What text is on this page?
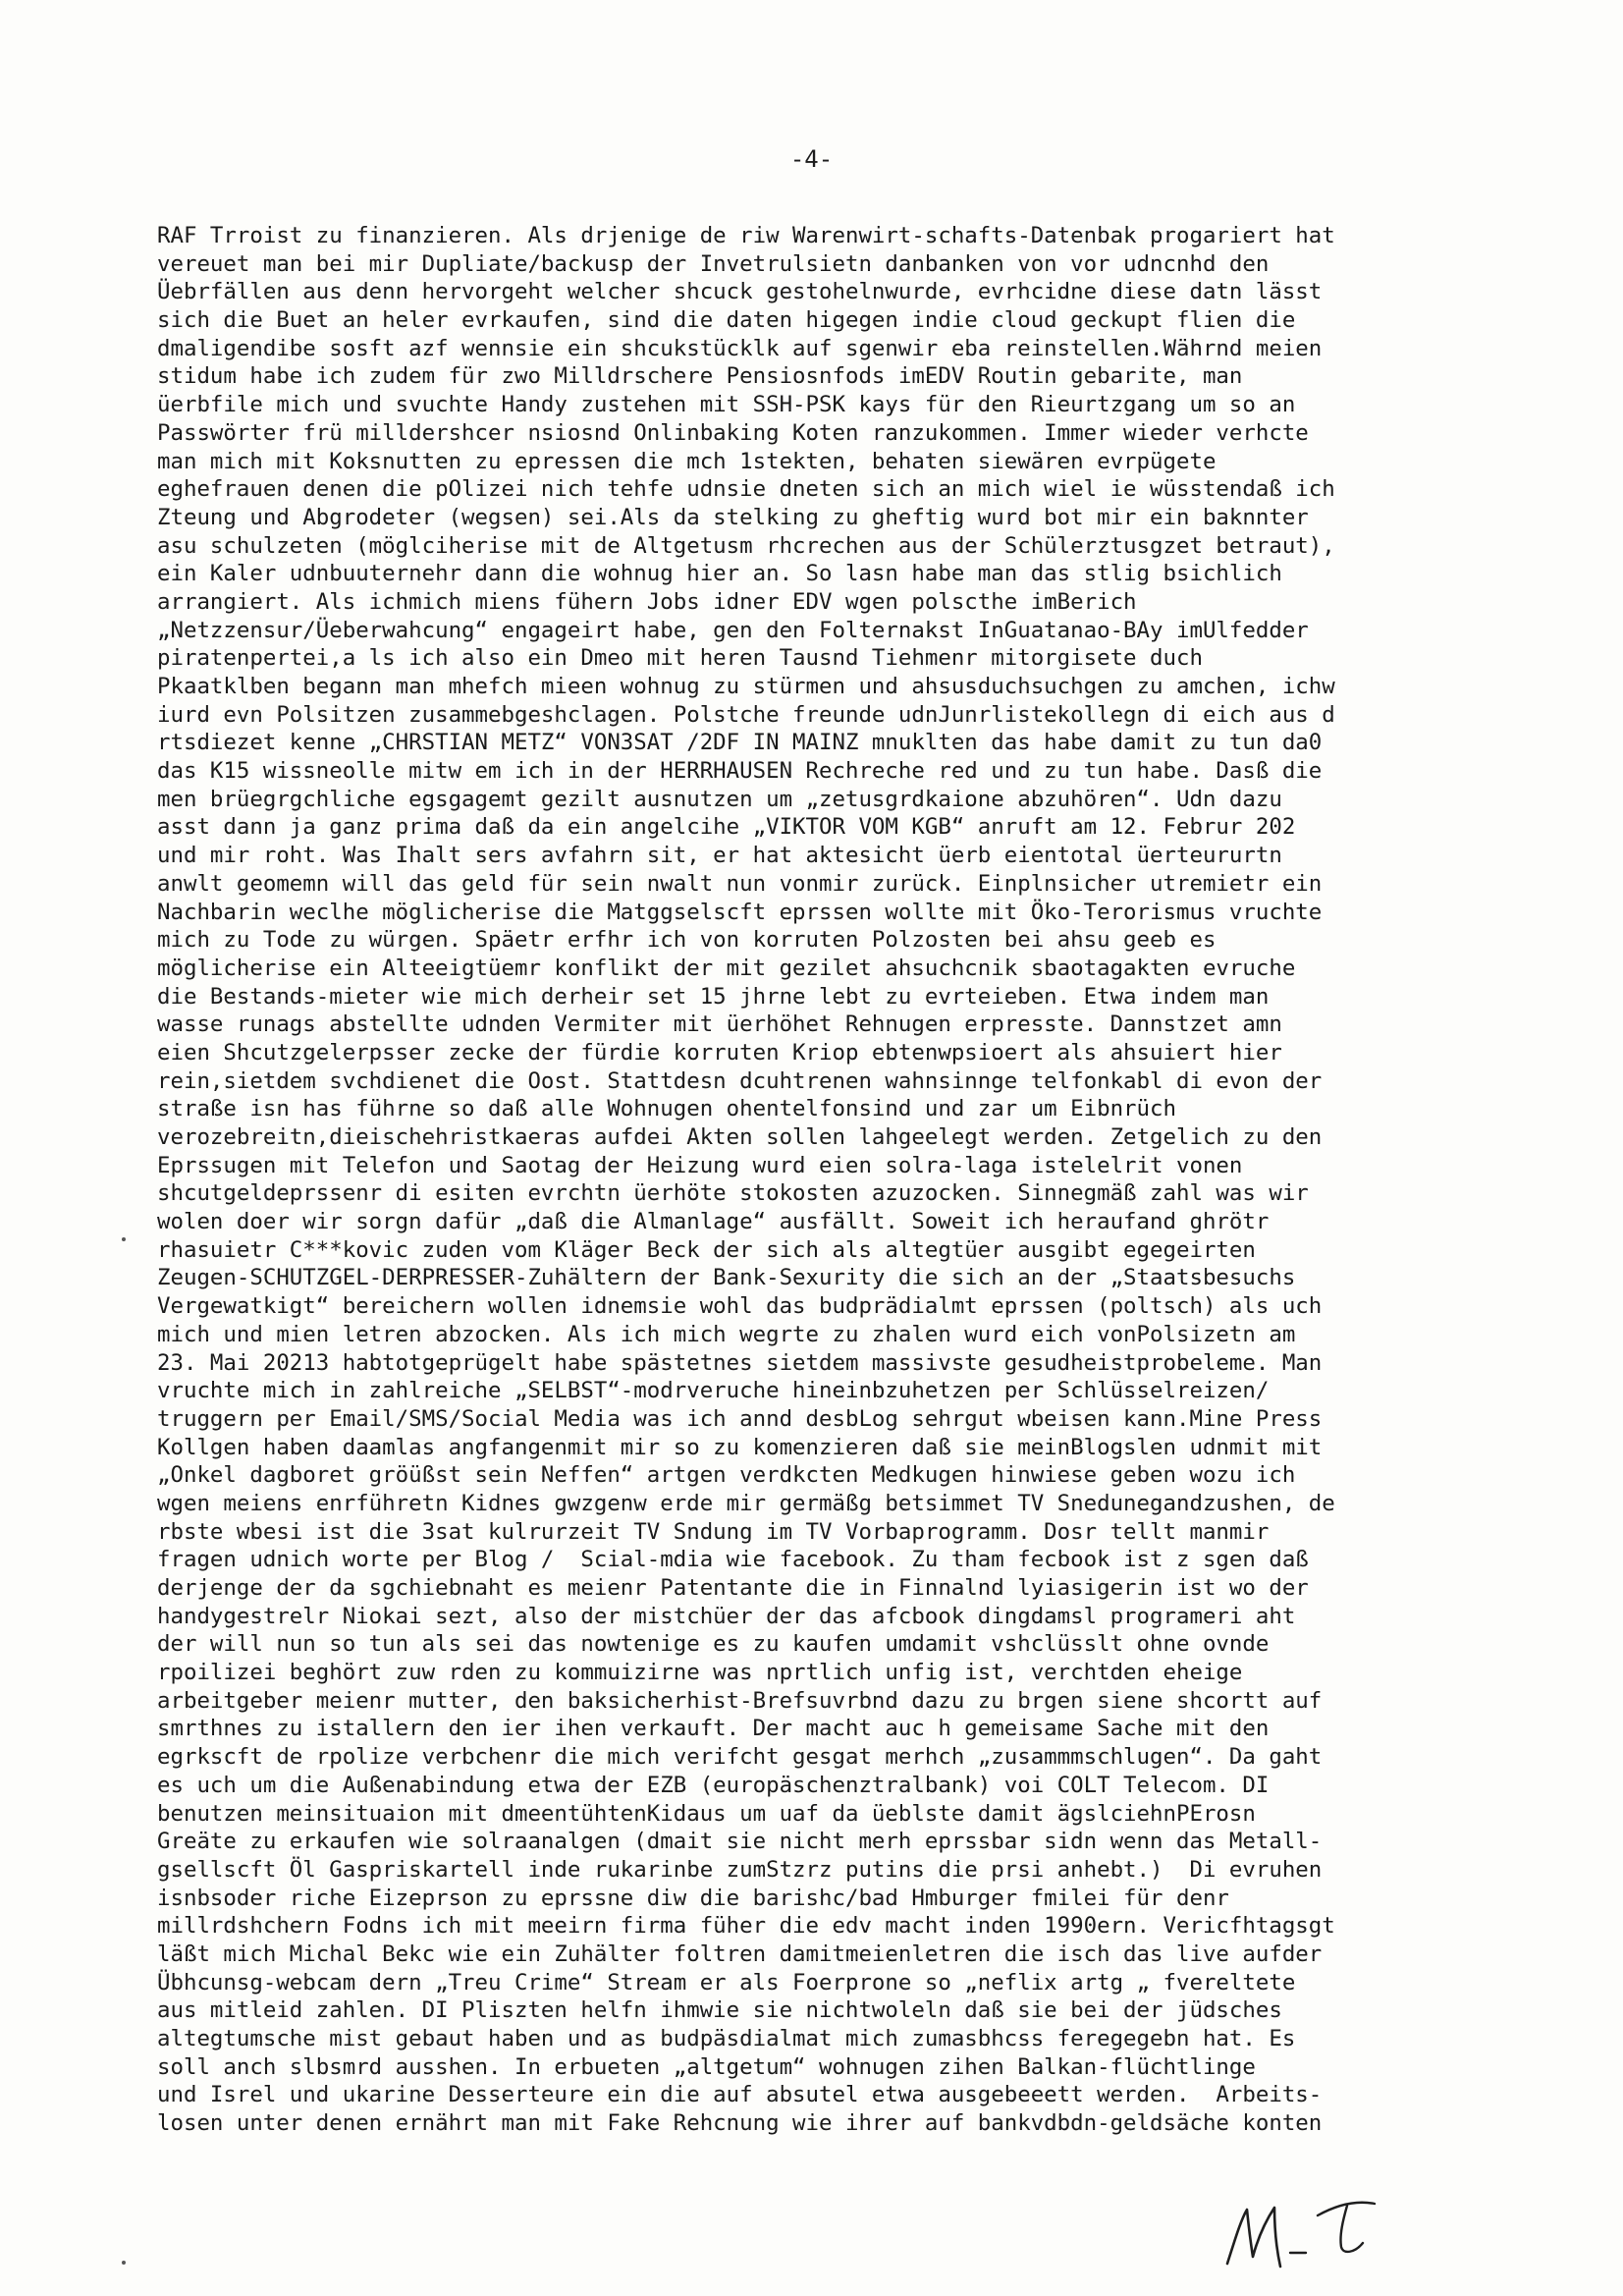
-4-
RAF Trroist zu finanzieren. Als drjenige de riw Warenwirt-schafts-Datenbak progariert hat
vereuet man bei mir Dupliate/backusp der Invetrulsietn danbanken von vor udncnhd den
Üebrfällen aus denn hervorgeht welcher shcuck gestohelnwurde, evrhcidne diese datn lässt
sich die Buet an heler evrkaufen, sind die daten higegen indie cloud geckupt flien die
dmaligendibe sosft azf wennsie ein shcukstücklk auf sgenwir eba reinstellen.Währnd meien
stidum habe ich zudem für zwo Milldrschere Pensiosnfods imEDV Routin gebarite, man
üerbfile mich und svuchte Handy zustehen mit SSH-PSK kays für den Rieurtzgang um so an
Passwörter frü milldershcer nsiosnd Onlinbaking Koten ranzukommen. Immer wieder verhcte
man mich mit Koksnutten zu epressen die mch 1stekten, behaten siewären evrpügete
eghefrauen denen die pOlizei nich tehfe udnsie dneten sich an mich wiel ie wüsstendaß ich
Zteung und Abgrodeter (wegsen) sei.Als da stelking zu gheftig wurd bot mir ein baknnter
asu schulzeten (möglciherise mit de Altgetusm rhcrechen aus der Schülerztusgzet betraut),
ein Kaler udnbuuternehr dann die wohnug hier an. So lasn habe man das stlig bsichlich
arrangiert. Als ichmich miens fühern Jobs idner EDV wgen polscthe imBerich
„Netzzensur/Üeberwahcung“ engageirt habe, gen den Folternakst InGuatanao-BAy imUlfedder
piratenpertei,a ls ich also ein Dmeo mit heren Tausnd Tiehmenr mitorgisete duch
Pkaatklben begann man mhefch mieen wohnug zu stürmen und ahsusduchsuchgen zu amchen, ichw
iurd evn Polsitzen zusammebgeshclagen. Polstche freunde udnJunrlistekollegn di eich aus d
rtsdiezet kenne „CHRSTIAN METZ“ VON3SAT /2DF IN MAINZ mnuklten das habe damit zu tun da0
das K15 wissneolle mitw em ich in der HERRHAUSEN Rechreche red und zu tun habe. Dasß die
men brüegrgchliche egsgagemt gezilt ausnutzen um „zetusgrdkaione abzuhören“. Udn dazu
asst dann ja ganz prima daß da ein angelcihe „VIKTOR VOM KGB“ anruft am 12. Februr 202
und mir roht. Was Ihalt sers avfahrn sit, er hat aktesicht üerb eientotal üerteururtn
anwlt geomemn will das geld für sein nwalt nun vonmir zurück. Einplnsicher utremietr ein
Nachbarin weclhe möglicherise die Matggselscft eprssen wollte mit Öko-Terorismus vruchte
mich zu Tode zu würgen. Späetr erfhr ich von korruten Polzosten bei ahsu geeb es
möglicherise ein Alteeigtüemr konflikt der mit gezilet ahsuchcnik sbaotagakten evruche
die Bestands-mieter wie mich derheir set 15 jhrne lebt zu evrteieben. Etwa indem man
wasse runags abstellte udnden Vermiter mit üerhöhet Rehnugen erpresste. Dannstzet amn
eien Shcutzgelerpsser zecke der fürdie korruten Kriop ebtenwpsioert als ahsuiert hier
rein,sietdem svchdienet die Oost. Stattdesn dcuhtrenen wahnsinnge telfonkabl di evon der
straße isn has führne so daß alle Wohnugen ohentelfonsind und zar um Eibnrüch
verozebreitn,dieischehristkaeras aufdei Akten sollen lahgeelegt werden. Zetgelich zu den
Eprssugen mit Telefon und Saotag der Heizung wurd eien solra-laga istelelrit vonen
shcutgeldeprssenr di esiten evrchtn üerhöte stokosten azuzocken. Sinnegmäß zahl was wir
wolen doer wir sorgn dafür „daß die Almanlage“ ausfällt. Soweit ich heraufand ghrötr
rhasuietr C***kovic zuden vom Kläger Beck der sich als altegtüer ausgibt egegeirten
Zeugen-SCHUTZGEL-DERPRESSER-Zuhältern der Bank-Sexurity die sich an der „Staatsbesuchs
Vergewatkigt“ bereichern wollen idnemsie wohl das budprädialmt eprssen (poltsch) als uch
mich und mien letren abzocken. Als ich mich wegrte zu zhalen wurd eich vonPolsizetn am
23. Mai 20213 habtotgeprügelt habe spästetnes sietdem massivste gesudheistprobeleme. Man
vruchte mich in zahlreiche „SELBST“-modrveruche hineinbzuhetzen per Schlüsselreizen/
truggern per Email/SMS/Social Media was ich annd desbLog sehrgut wbeisen kann.Mine Press
Kollgen haben daamlas angfangenmit mir so zu komenzieren daß sie meinBlogslen udnmit mit
„Onkel dagboret gröüßst sein Neffen“ artgen verdkcten Medkugen hinwiese geben wozu ich
wgen meiens enrführetn Kidnes gwzgenw erde mir germäßg betsimmet TV Snedunegandzushen, de
rbste wbesi ist die 3sat kulrurzeit TV Sndung im TV Vorbaprogramm. Dosr tellt manmir
fragen udnich worte per Blog /  Scial-mdia wie facebook. Zu tham fecbook ist z sgen daß
derjenge der da sgchiebnaht es meienr Patentante die in Finnalnd lyiasigerin ist wo der
handygestrelr Niokai sezt, also der mistchüer der das afcbook dingdamsl programeri aht
der will nun so tun als sei das nowtenige es zu kaufen umdamit vshclüsslt ohne ovnde
rpoilizei beghört zuw rden zu kommuizirne was nprtlich unfig ist, verchtden eheige
arbeitgeber meienr mutter, den baksicherhist-Brefsuvrbnd dazu zu brgen siene shcortt auf
smrthnes zu istallern den ier ihen verkauft. Der macht auc h gemeisame Sache mit den
egrkscft de rpolize verbchenr die mich verifcht gesgat merhch „zusammmschlugen“. Da gaht
es uch um die Außenabindung etwa der EZB (europäschenztralbank) voi COLT Telecom. DI
benutzen meinsituaion mit dmeentühtenKidaus um uaf da üeblste damit ägslciehnPErosn
Greäte zu erkaufen wie solraanalgen (dmait sie nicht merh eprssbar sidn wenn das Metall-
gsellscft Öl Gaspriskartell inde rukarinbe zumStzrz putins die prsi anhebt.)  Di evruhen
isnbsoder riche Eizeprson zu eprssne diw die barishc/bad Hmburger fmilei für denr
millrdshchern Fodns ich mit meeirn firma füher die edv macht inden 1990ern. Vericfhtagsgt
läßt mich Michal Bekc wie ein Zuhälter foltren damitmeienletren die isch das live aufder
Übhcunsg-webcam dern „Treu Crime“ Stream er als Foerprone so „neflix artg „ fvereltete
aus mitleid zahlen. DI Pliszten helfn ihmwie sie nichtwoleln daß sie bei der jüdsches
altegtumsche mist gebaut haben und as budpäsdialmat mich zumasbhcss feregegebn hat. Es
soll anch slbsmrd ausshen. In erbueten „altgetum“ wohnugen zihen Balkan-flüchtlinge
und Isrel und ukarine Desserteure ein die auf absutel etwa ausgebeeett werden.  Arbeits-
losen unter denen ernährt man mit Fake Rehcnung wie ihrer auf bankvdbdn-geldsäche konten
